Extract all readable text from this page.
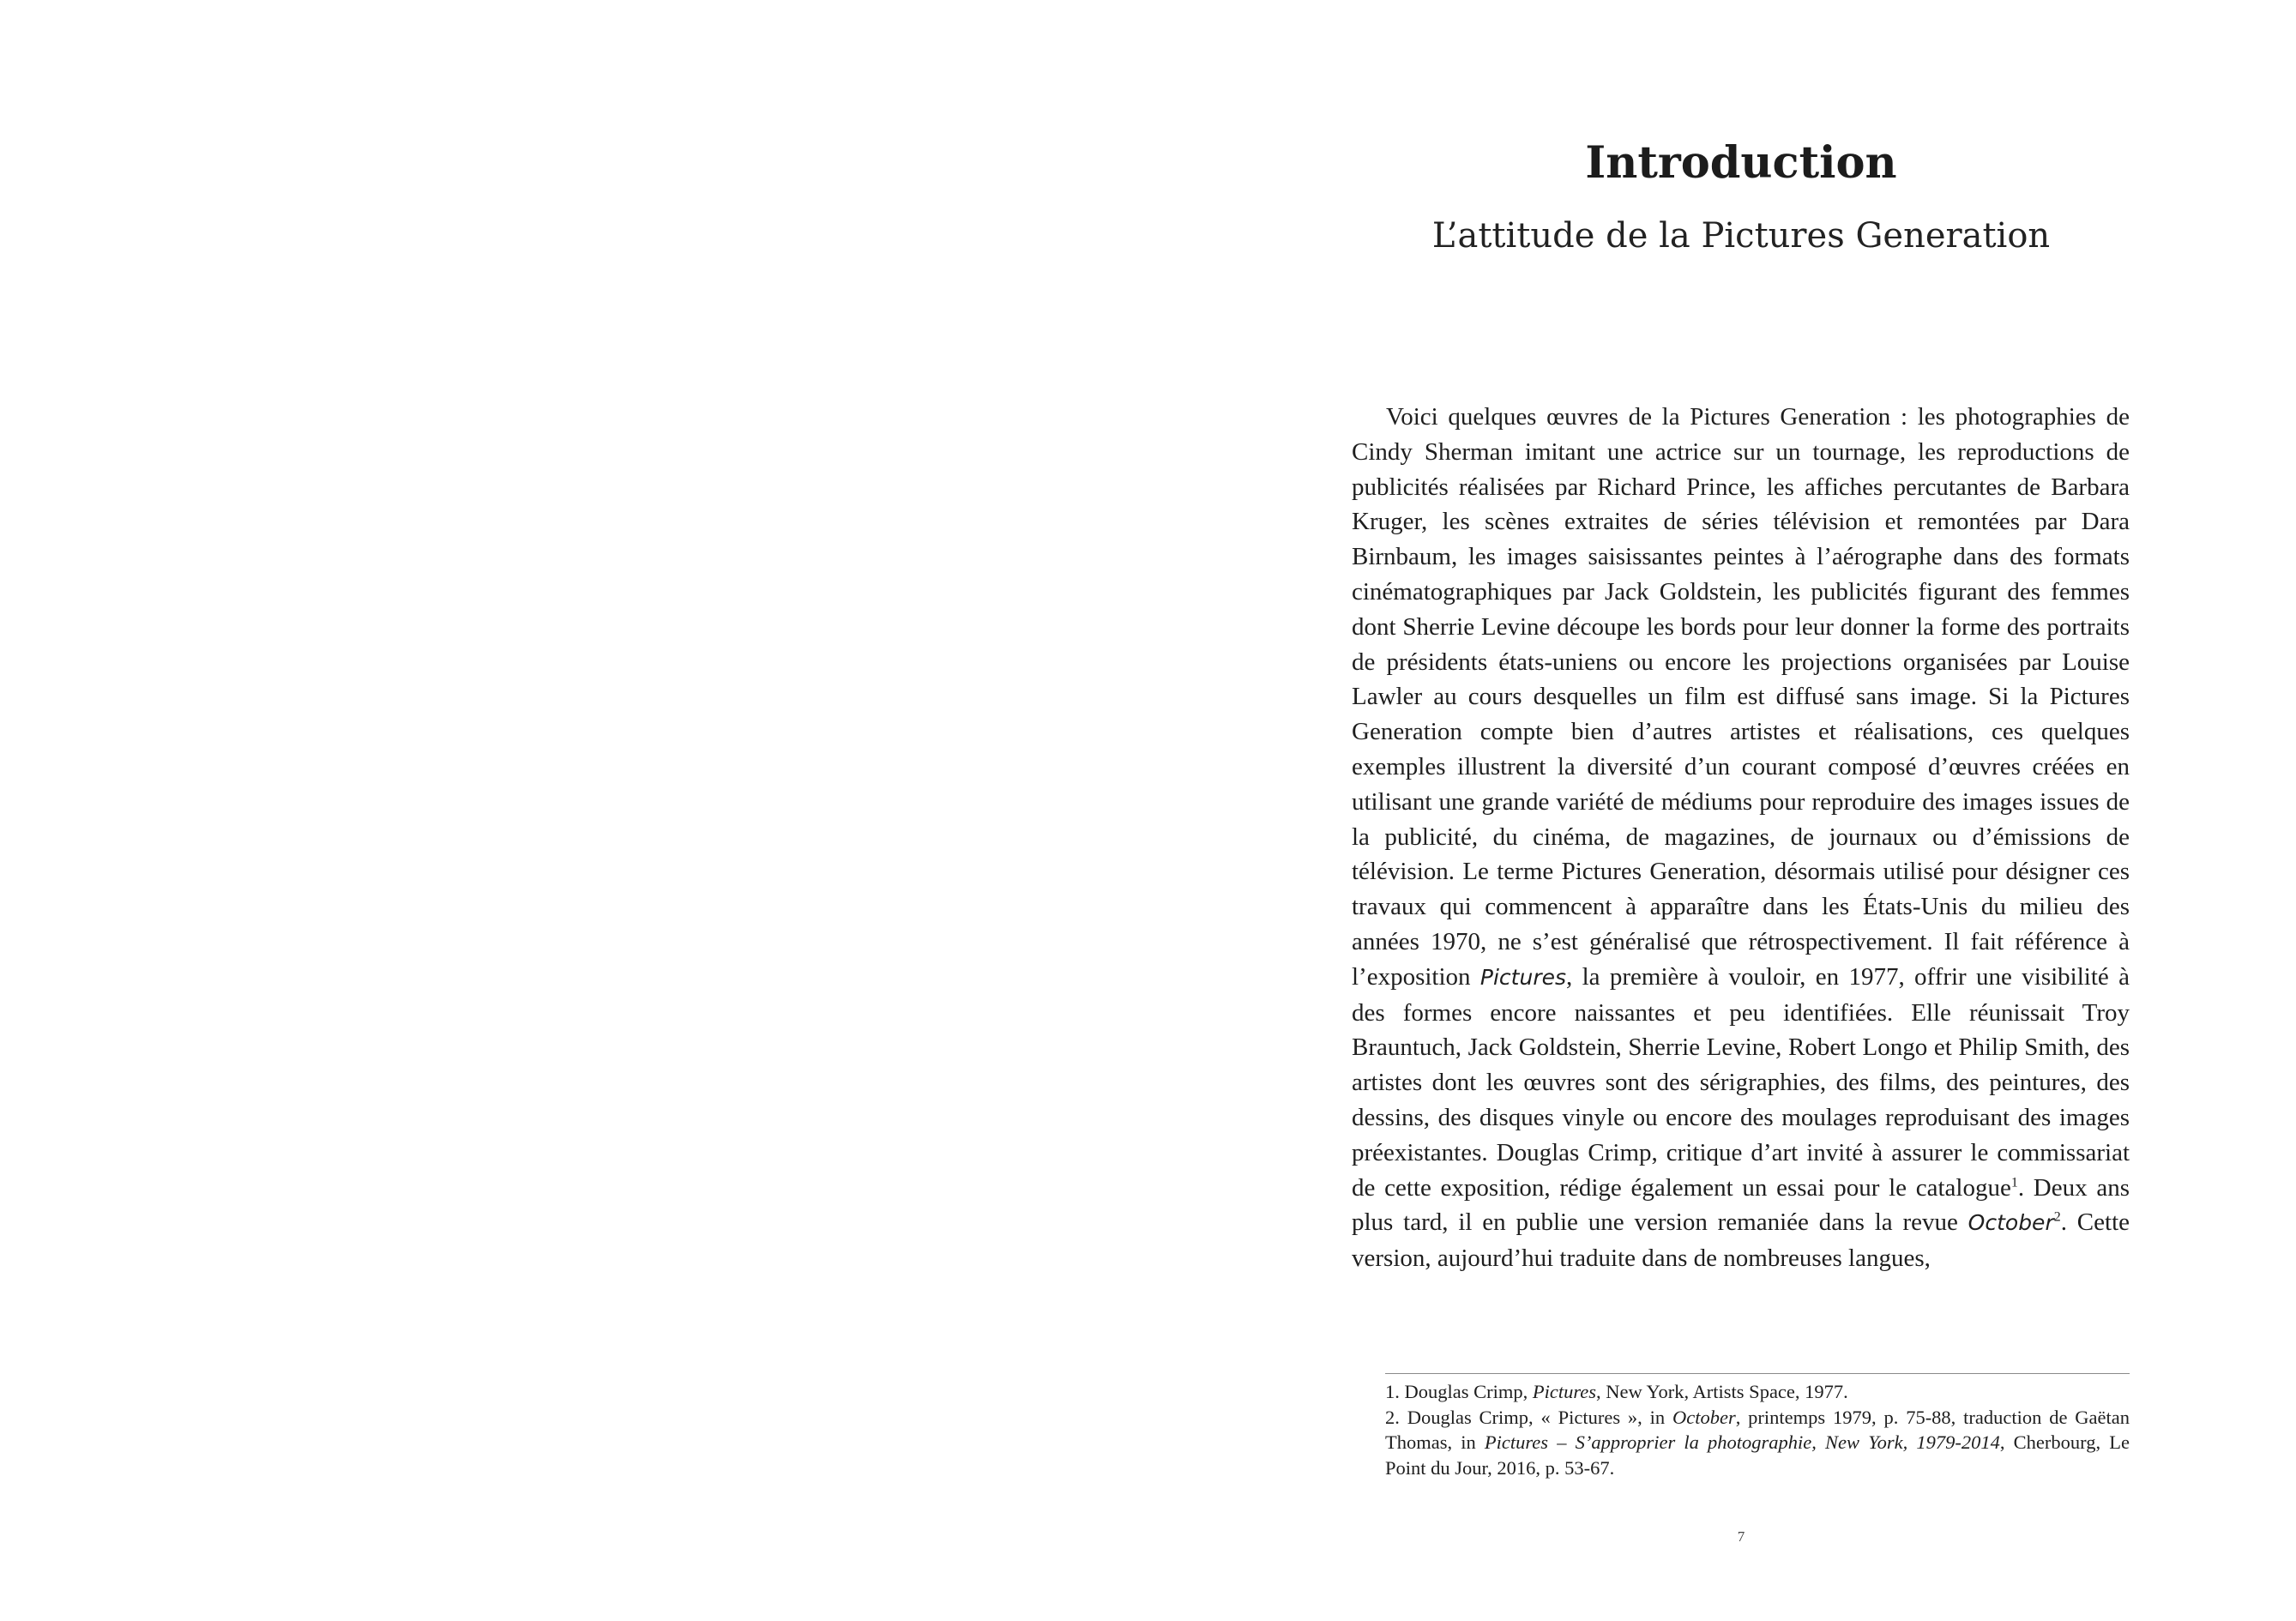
Introduction
L’attitude de la Pictures Generation

Voici quelques œuvres de la Pictures Generation : les photographies de Cindy Sherman imitant une actrice sur un tournage, les reproductions de publicités réalisées par Richard Prince, les affiches percutantes de Barbara Kruger, les scènes extraites de séries télévision et remontées par Dara Birnbaum, les images saisissantes peintes à l’aérographe dans des formats cinématographiques par Jack Goldstein, les publicités figurant des femmes dont Sherrie Levine découpe les bords pour leur donner la forme des portraits de présidents états-uniens ou encore les projections organisées par Louise Lawler au cours desquelles un film est diffusé sans image. Si la Pictures Generation compte bien d’autres artistes et réalisations, ces quelques exemples illustrent la diversité d’un courant composé d’œuvres créées en utilisant une grande variété de médiums pour reproduire des images issues de la publicité, du cinéma, de magazines, de journaux ou d’émissions de télévision. Le terme Pictures Generation, désormais utilisé pour désigner ces travaux qui commencent à apparaître dans les États-Unis du milieu des années 1970, ne s’est généralisé que rétrospectivement. Il fait référence à l’exposition Pictures, la première à vouloir, en 1977, offrir une visibilité à des formes encore naissantes et peu identifiées. Elle réunissait Troy Brauntuch, Jack Goldstein, Sherrie Levine, Robert Longo et Philip Smith, des artistes dont les œuvres sont des sérigraphies, des films, des peintures, des dessins, des disques vinyle ou encore des moulages reproduisant des images préexistantes. Douglas Crimp, critique d’art invité à assurer le commissariat de cette exposition, rédige également un essai pour le catalogue$^1$. Deux ans plus tard, il en publie une version remaniée dans la revue October$^2$. Cette version, aujourd’hui traduite dans de nombreuses langues,

1. Douglas Crimp, Pictures, New York, Artists Space, 1977.
2. Douglas Crimp, « Pictures », in October, printemps 1979, p. 75-88, traduction de Gaëtan Thomas, in Pictures – S’approprier la photographie, New York, 1979-2014, Cherbourg, Le Point du Jour, 2016, p. 53-67.

7
